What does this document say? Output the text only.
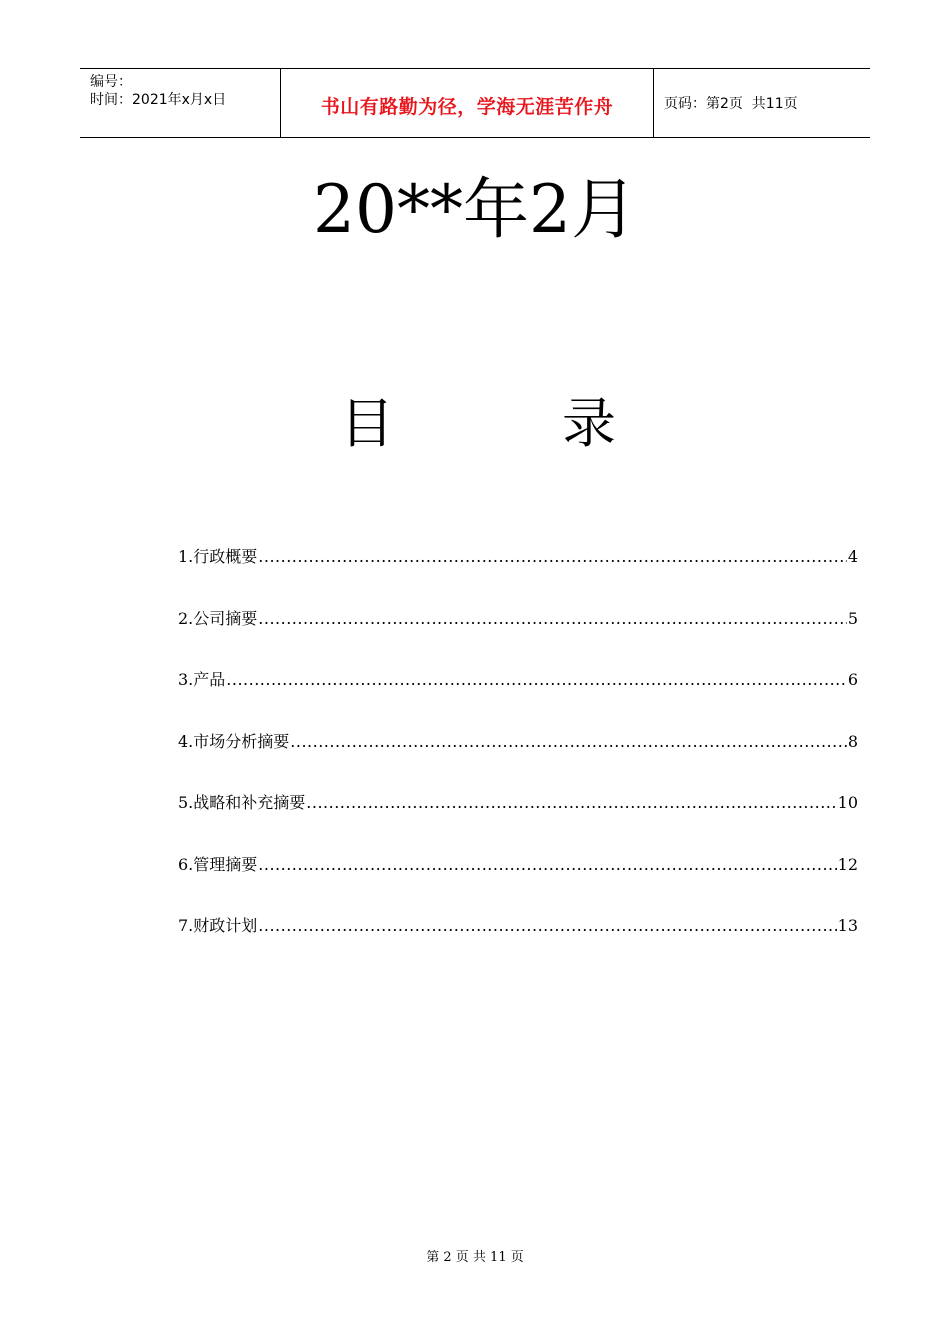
编号：
时间：2021年x月x日	书山有路勤为径，学海无涯苦作舟	页码：第2页  共11页
20**年2月
目	录
1.行政概要 .....	4
2.公司摘要 .....	5
3.产品 .....	6
4.市场分析摘要 .....	8
5.战略和补充摘要 .....	10
6.管理摘要 .....	12
7.财政计划 .....	13
第 2 页 共 11 页
